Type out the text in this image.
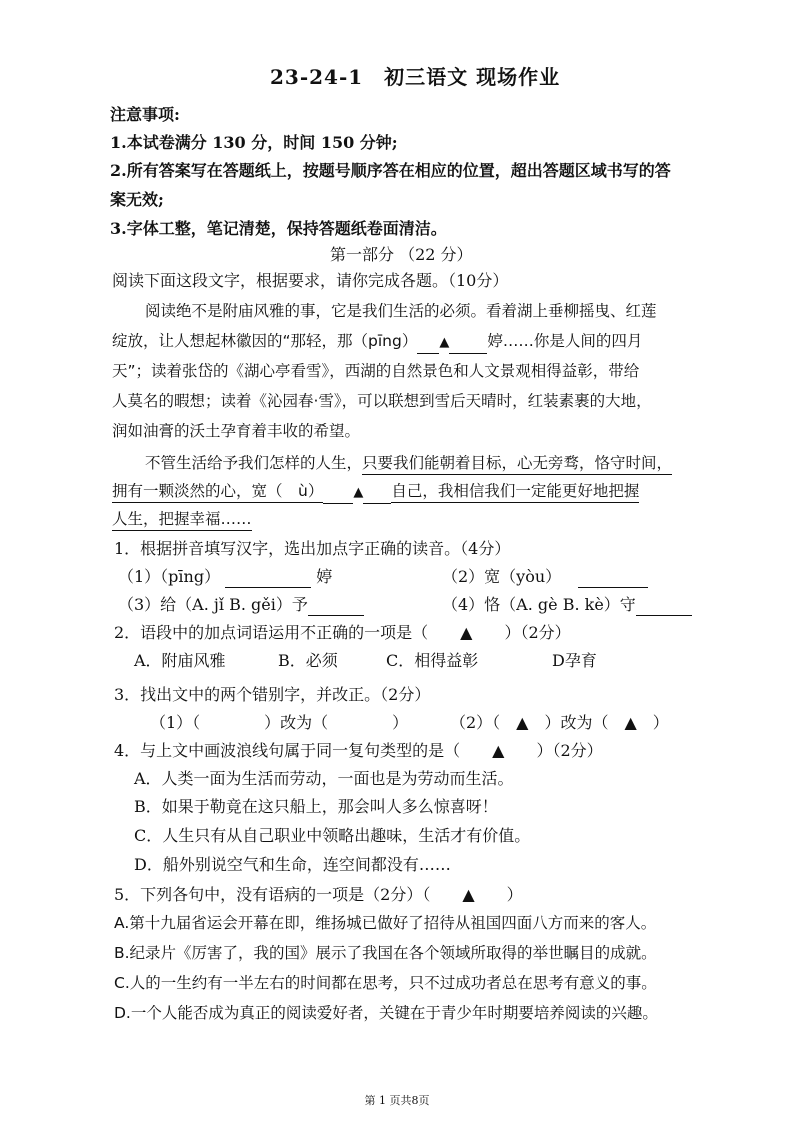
23-24-1　初三语文 现场作业
注意事项:
1.本试卷满分 130 分，时间 150 分钟;
2.所有答案写在答题纸上，按题号顺序答在相应的位置，超出答题区域书写的答
案无效;
3.字体工整，笔记清楚，保持答题纸卷面清洁。
第一部分 （22 分）
阅读下面这段文字，根据要求，请你完成各题。（10分）
阅读绝不是附庙风雅的事，它是我们生活的必须。看着湖上垂柳摇曳、红莲
绽放，让人想起林徽因的“那轻，那（pīng） ▲ 婷……你是人间的四月
天”；读着张岱的《湖心亭看雪》，西湖的自然景色和人文景观相得益彰，带给
人莫名的暇想；读着《沁园春·雪》，可以联想到雪后天晴时，红装素裹的大地，
润如油膏的沃土孕育着丰收的希望。
不管生活给予我们怎样的人生，只要我们能朝着目标，心无旁骛，恪守时间，
拥有一颗淡然的心，宽（　ù） ▲ 自己，我相信我们一定能更好地把握
人生，把握幸福……
1．根据拼音填写汉字，选出加点字正确的读音。（4分）
（1）（pīng）	婷	（2）宽（yòu）
（3）给（A. jǐ B. gěi）予	（4）恪（A. gè B. kè）守
2．语段中的加点词语运用不正确的一项是（　　▲　　）（2分）
A．附庙风雅	B．必须	C．相得益彰	D孕育
3．找出文中的两个错别字，并改正。（2分）
（1）（　　　　）改为（　　　　）	（2）（　▲　）改为（　▲　）
4．与上文中画波浪线句属于同一复句类型的是（　　▲　　）（2分）
A．人类一面为生活而劳动，一面也是为劳动而生活。
B．如果于勒竟在这只船上，那会叫人多么惊喜呀！
C．人生只有从自己职业中领略出趣味，生活才有价值。
D．船外别说空气和生命，连空间都没有……
5．下列各句中，没有语病的一项是（2分）（　　▲　　）
A.第十九届省运会开幕在即，维扬城已做好了招待从祖国四面八方而来的客人。
B.纪录片《厉害了，我的国》展示了我国在各个领域所取得的举世瞩目的成就。
C.人的一生约有一半左右的时间都在思考，只不过成功者总在思考有意义的事。
D.一个人能否成为真正的阅读爱好者，关键在于青少年时期要培养阅读的兴趣。
第 1 页共8页
